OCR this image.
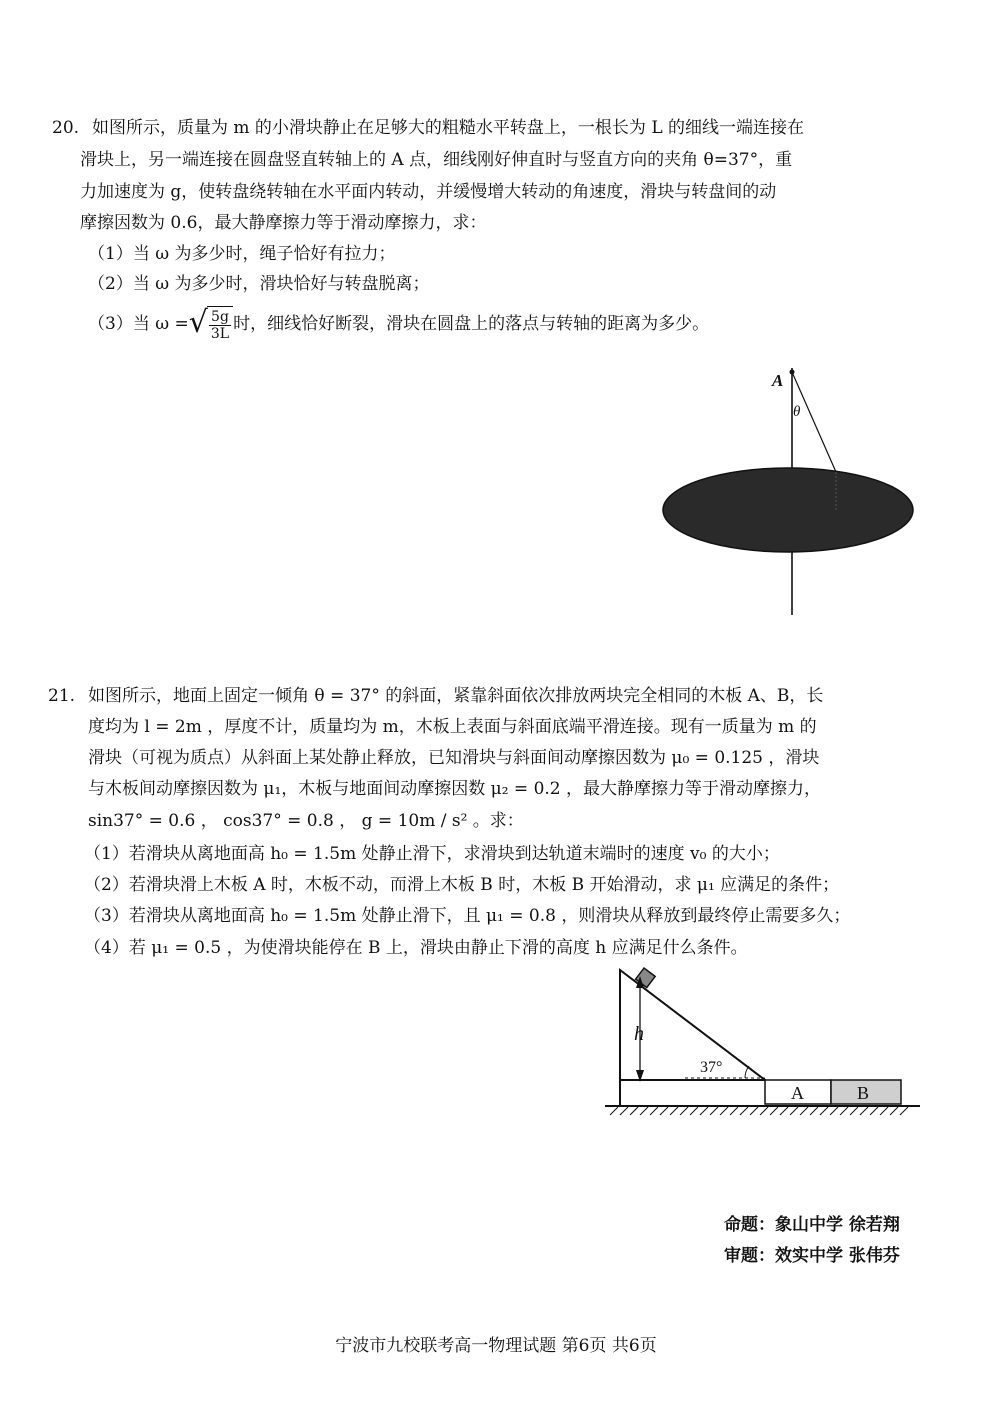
20. 如图所示，质量为 m 的小滑块静止在足够大的粗糙水平转盘上，一根长为 L 的细线一端连接在
滑块上，另一端连接在圆盘竖直转轴上的 A 点，细线刚好伸直时与竖直方向的夹角 θ=37°，重
力加速度为 g，使转盘绕转轴在水平面内转动，并缓慢增大转动的角速度，滑块与转盘间的动
摩擦因数为 0.6，最大静摩擦力等于滑动摩擦力，求：
（1）当 ω 为多少时，绳子恰好有拉力；
（2）当 ω 为多少时，滑块恰好与转盘脱离；
（3）当 ω = √ $\frac{5g}{3L}$ 时，细线恰好断裂，滑块在圆盘上的落点与转轴的距离为多少。
A
θ
21. 如图所示，地面上固定一倾角 θ = 37° 的斜面，紧靠斜面依次排放两块完全相同的木板 A、B，长
度均为 l = 2m ，厚度不计，质量均为 m，木板上表面与斜面底端平滑连接。现有一质量为 m 的
滑块（可视为质点）从斜面上某处静止释放，已知滑块与斜面间动摩擦因数为 μ₀ = 0.125 ，滑块
与木板间动摩擦因数为 μ₁，木板与地面间动摩擦因数 μ₂ = 0.2 ，最大静摩擦力等于滑动摩擦力，
sin37° = 0.6 ， cos37° = 0.8 ， g = 10m / s² 。求：
（1）若滑块从离地面高 h₀ = 1.5m 处静止滑下，求滑块到达轨道末端时的速度 v₀ 的大小；
（2）若滑块滑上木板 A 时，木板不动，而滑上木板 B 时，木板 B 开始滑动，求 μ₁ 应满足的条件；
（3）若滑块从离地面高 h₀ = 1.5m 处静止滑下，且 μ₁ = 0.8 ，则滑块从释放到最终停止需要多久；
（4）若 μ₁ = 0.5 ，为使滑块能停在 B 上，滑块由静止下滑的高度 h 应满足什么条件。
h
37°
A	B
命题：象山中学 徐若翔
审题：效实中学 张伟芬
宁波市九校联考高一物理试题 第6页 共6页
